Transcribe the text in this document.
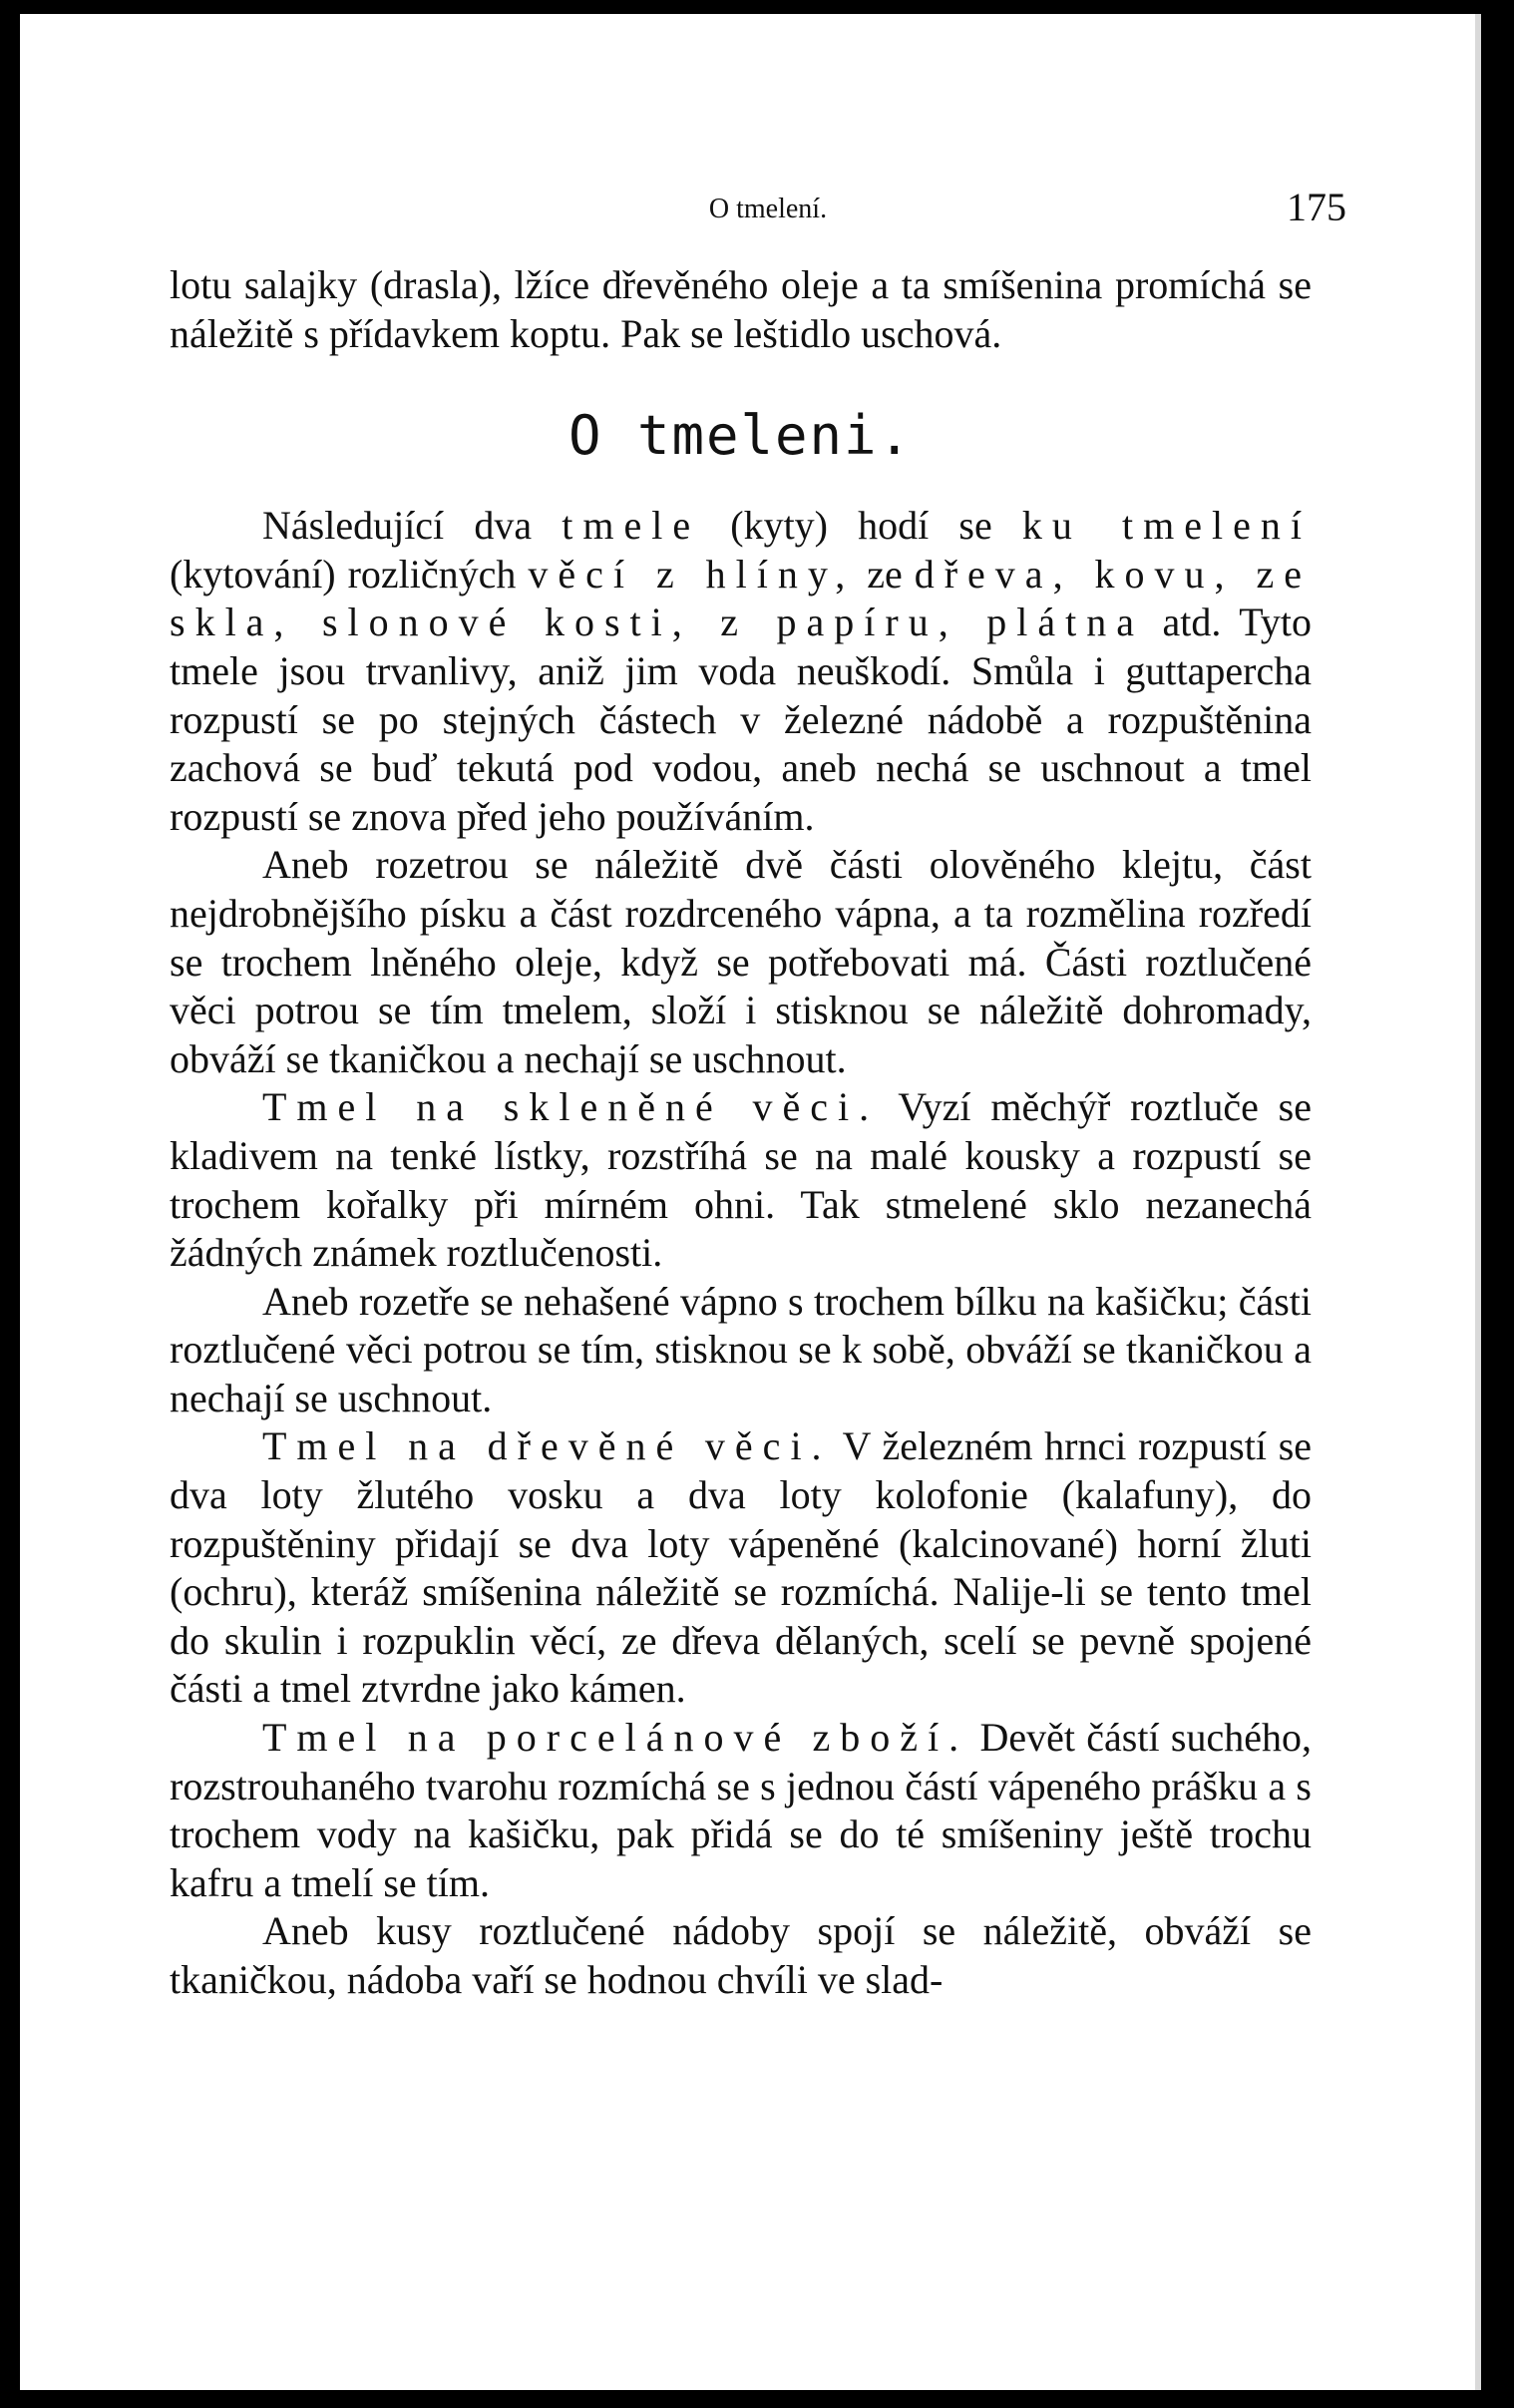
O tmelení.	175

lotu salajky (drasla), lžíce dřevěného oleje a ta smíšenina promíchá se náležitě s přídavkem koptu. Pak se leštidlo uschová.

O tmeleni.

Následující dva tmele (kyty) hodí se ku tmelení (kytování) rozličných věcí z hlíny, ze dřeva, kovu, ze skla, slonové kosti, z papíru, plátna atd. Tyto tmele jsou trvanlivy, aniž jim voda neuškodí. Smůla i guttapercha rozpustí se po stejných částech v železné nádobě a rozpuštěnina zachová se buď tekutá pod vodou, aneb nechá se uschnout a tmel rozpustí se znova před jeho používáním.

Aneb rozetrou se náležitě dvě části olověného klejtu, část nejdrobnějšího písku a část rozdrceného vápna, a ta rozmělina rozředí se trochem lněného oleje, když se potřebovati má. Části roztlučené věci potrou se tím tmelem, složí i stisknou se náležitě dohromady, obváží se tkaničkou a nechají se uschnout.

Tmel na skleněné věci. Vyzí měchýř roztluče se kladivem na tenké lístky, rozstříhá se na malé kousky a rozpustí se trochem kořalky při mírném ohni. Tak stmelené sklo nezanechá žádných známek roztlučenosti.

Aneb rozetře se nehašené vápno s trochem bílku na kašičku; části roztlučené věci potrou se tím, stisknou se k sobě, obváží se tkaničkou a nechají se uschnout.

Tmel na dřevěné věci. V železném hrnci rozpustí se dva loty žlutého vosku a dva loty kolofonie (kalafuny), do rozpuštěniny přidají se dva loty vápeněné (kalcinované) horní žluti (ochru), kteráž smíšenina náležitě se rozmíchá. Nalije-li se tento tmel do skulin i rozpuklin věcí, ze dřeva dělaných, scelí se pevně spojené části a tmel ztvrdne jako kámen.

Tmel na porcelánové zboží. Devět částí suchého, rozstrouhaného tvarohu rozmíchá se s jednou částí vápeného prášku a s trochem vody na kašičku, pak přidá se do té smíšeniny ještě trochu kafru a tmelí se tím.

Aneb kusy roztlučené nádoby spojí se náležitě, obváží se tkaničkou, nádoba vaří se hodnou chvíli ve slad-
